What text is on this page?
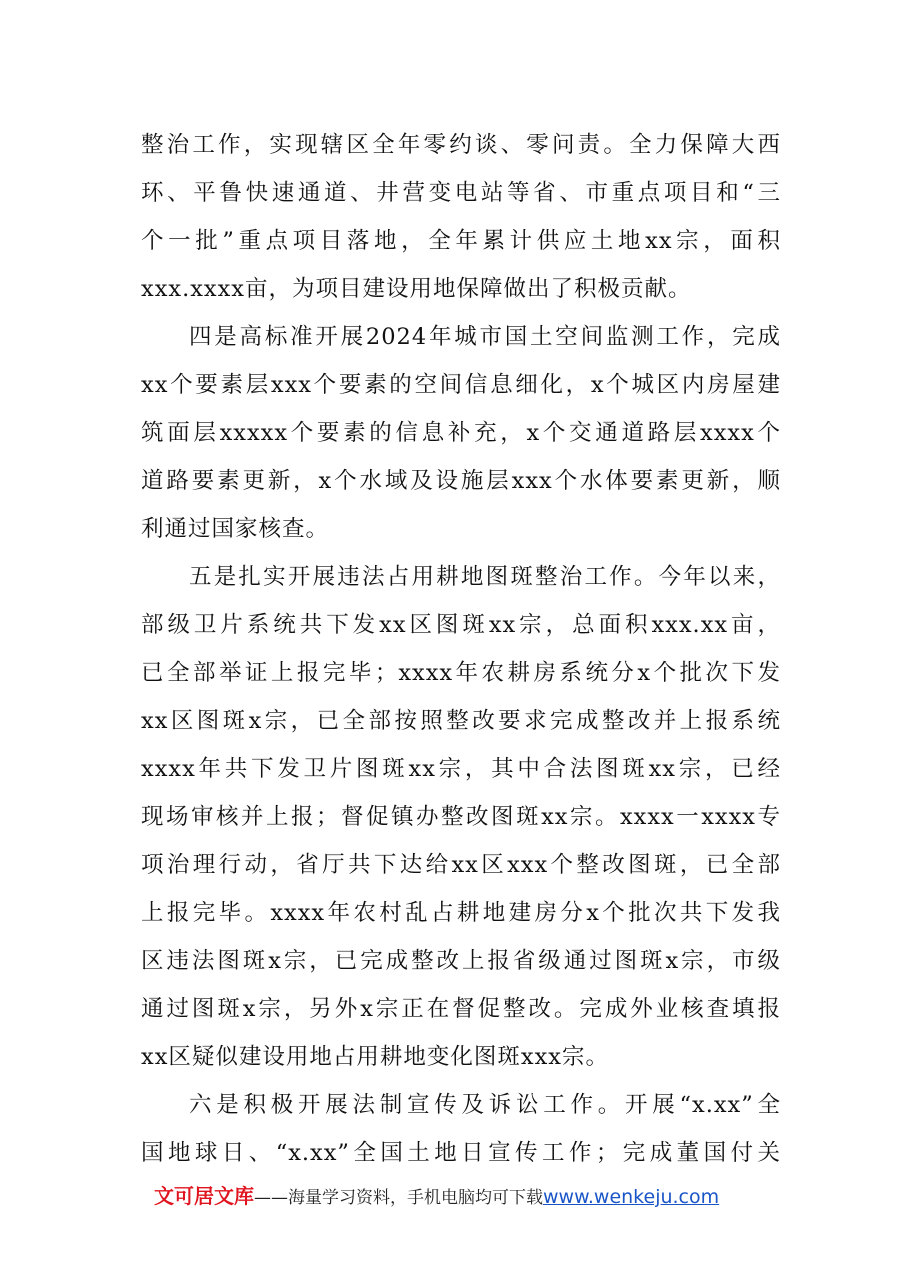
整治工作，实现辖区全年零约谈、零问责。全力保障大西
环、平鲁快速通道、井营变电站等省、市重点项目和“三
个一批”重点项目落地，全年累计供应土地xx宗，面积
xxx.xxxx亩，为项目建设用地保障做出了积极贡献。
四是高标准开展2024年城市国土空间监测工作，完成
xx个要素层xxx个要素的空间信息细化，x个城区内房屋建
筑面层xxxxx个要素的信息补充，x个交通道路层xxxx个
道路要素更新，x个水域及设施层xxx个水体要素更新，顺
利通过国家核查。
五是扎实开展违法占用耕地图斑整治工作。今年以来，
部级卫片系统共下发xx区图斑xx宗，总面积xxx.xx亩，
已全部举证上报完毕；xxxx年农耕房系统分x个批次下发
xx区图斑x宗，已全部按照整改要求完成整改并上报系统
xxxx年共下发卫片图斑xx宗，其中合法图斑xx宗，已经
现场审核并上报；督促镇办整改图斑xx宗。xxxx一xxxx专
项治理行动，省厅共下达给xx区xxx个整改图斑，已全部
上报完毕。xxxx年农村乱占耕地建房分x个批次共下发我
区违法图斑x宗，已完成整改上报省级通过图斑x宗，市级
通过图斑x宗，另外x宗正在督促整改。完成外业核查填报
xx区疑似建设用地占用耕地变化图斑xxx宗。
六是积极开展法制宣传及诉讼工作。开展“x.xx”全
国地球日、“x.xx”全国土地日宣传工作；完成董国付关
文可居文库——海量学习资料，手机电脑均可下载www.wenkeju.com
